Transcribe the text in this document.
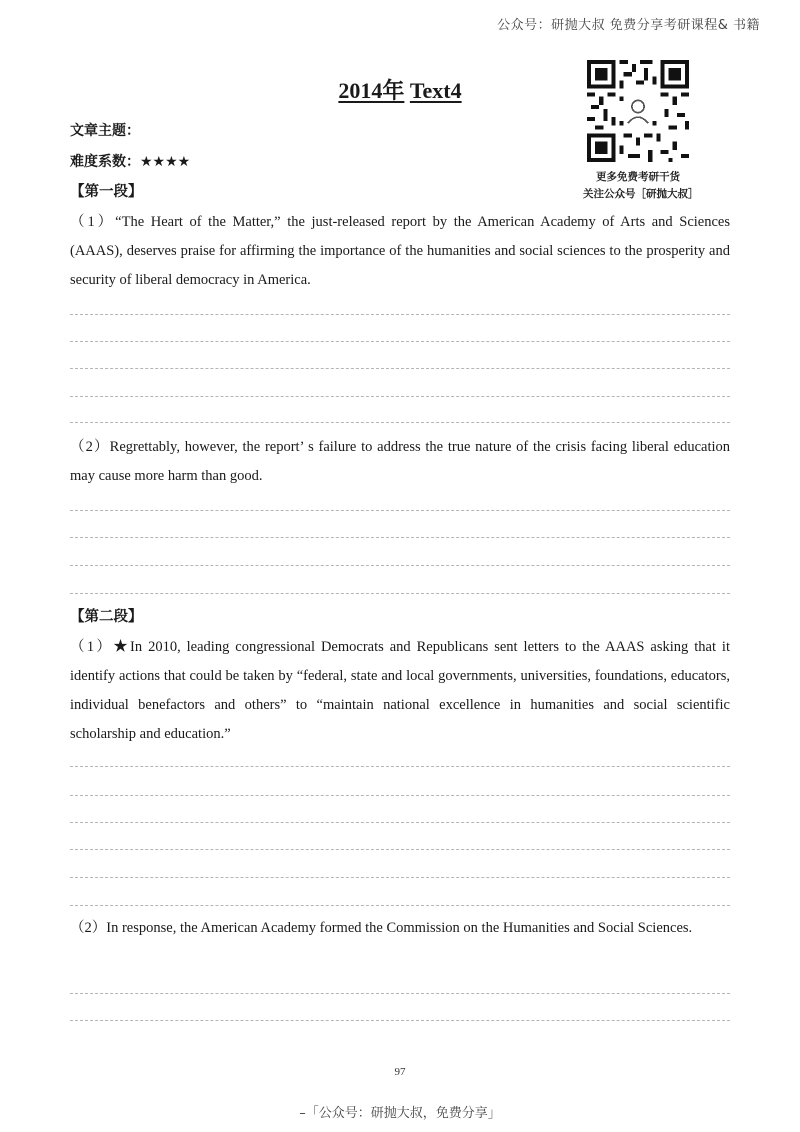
公众号：研抛大叔 免费分享考研课程& 书籍
2014年 Text4
文章主题：
难度系数：★★★★
更多免费考研干货
关注公众号［研抛大叔］
【第一段】
（1）“The Heart of the Matter,” the just-released report by the American Academy of Arts and Sciences (AAAS), deserves praise for affirming the importance of the humanities and social sciences to the prosperity and security of liberal democracy in America.
（2）Regrettably, however, the report’ s failure to address the true nature of the crisis facing liberal education may cause more harm than good.
【第二段】
（1）★In 2010, leading congressional Democrats and Republicans sent letters to the AAAS asking that it identify actions that could be taken by “federal, state and local governments, universities, foundations, educators, individual benefactors and others” to “maintain national excellence in humanities and social scientific scholarship and education.”
（2）In response, the American Academy formed the Commission on the Humanities and Social Sciences.
97
–「公众号：研抛大叔，免费分享」
